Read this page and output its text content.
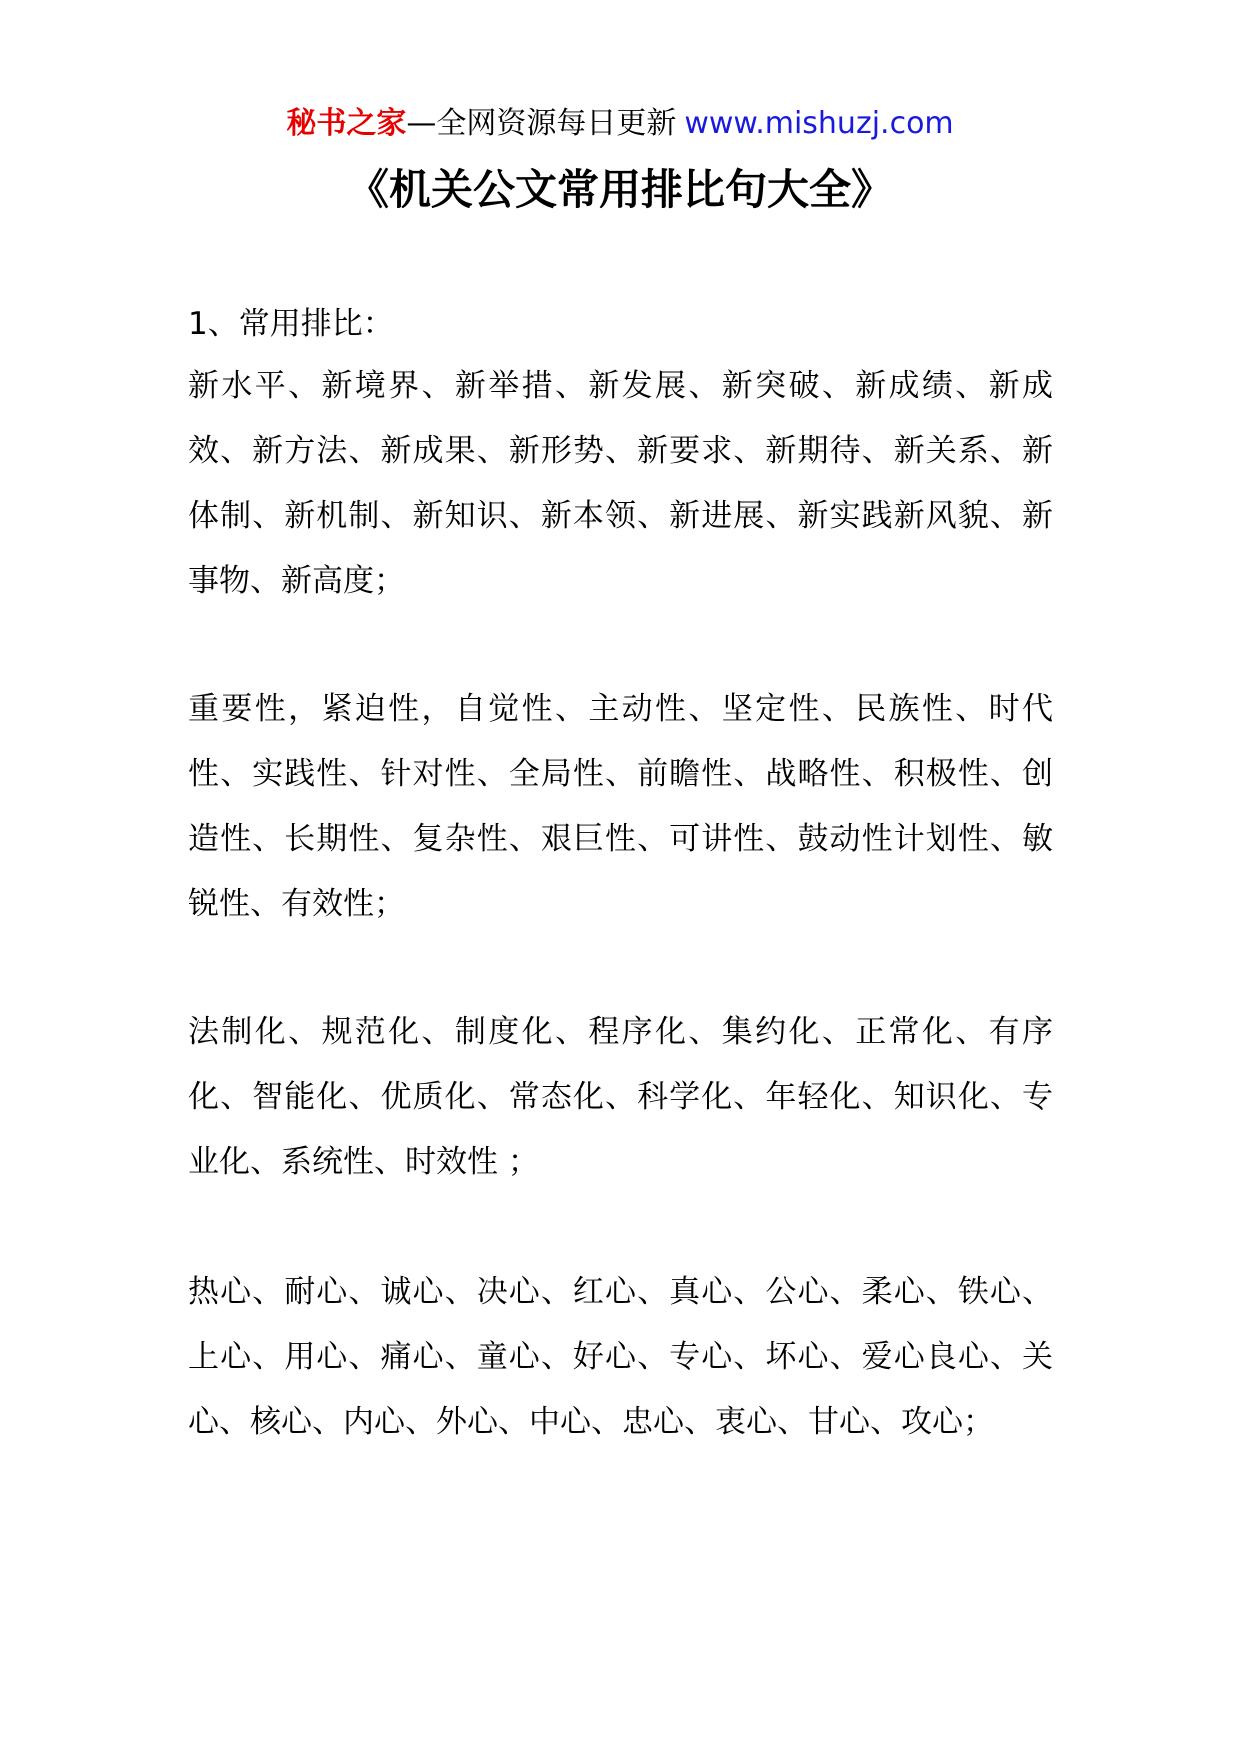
秘书之家—全网资源每日更新 www.mishuzj.com
《机关公文常用排比句大全》
1、常用排比：

新水平、新境界、新举措、新发展、新突破、新成绩、新成效、新方法、新成果、新形势、新要求、新期待、新关系、新体制、新机制、新知识、新本领、新进展、新实践新风貌、新事物、新高度；

重要性，紧迫性，自觉性、主动性、坚定性、民族性、时代性、实践性、针对性、全局性、前瞻性、战略性、积极性、创造性、长期性、复杂性、艰巨性、可讲性、鼓动性计划性、敏锐性、有效性；

法制化、规范化、制度化、程序化、集约化、正常化、有序化、智能化、优质化、常态化、科学化、年轻化、知识化、专业化、系统性、时效性 ；

热心、耐心、诚心、决心、红心、真心、公心、柔心、铁心、上心、用心、痛心、童心、好心、专心、坏心、爱心良心、关心、核心、内心、外心、中心、忠心、衷心、甘心、攻心；
